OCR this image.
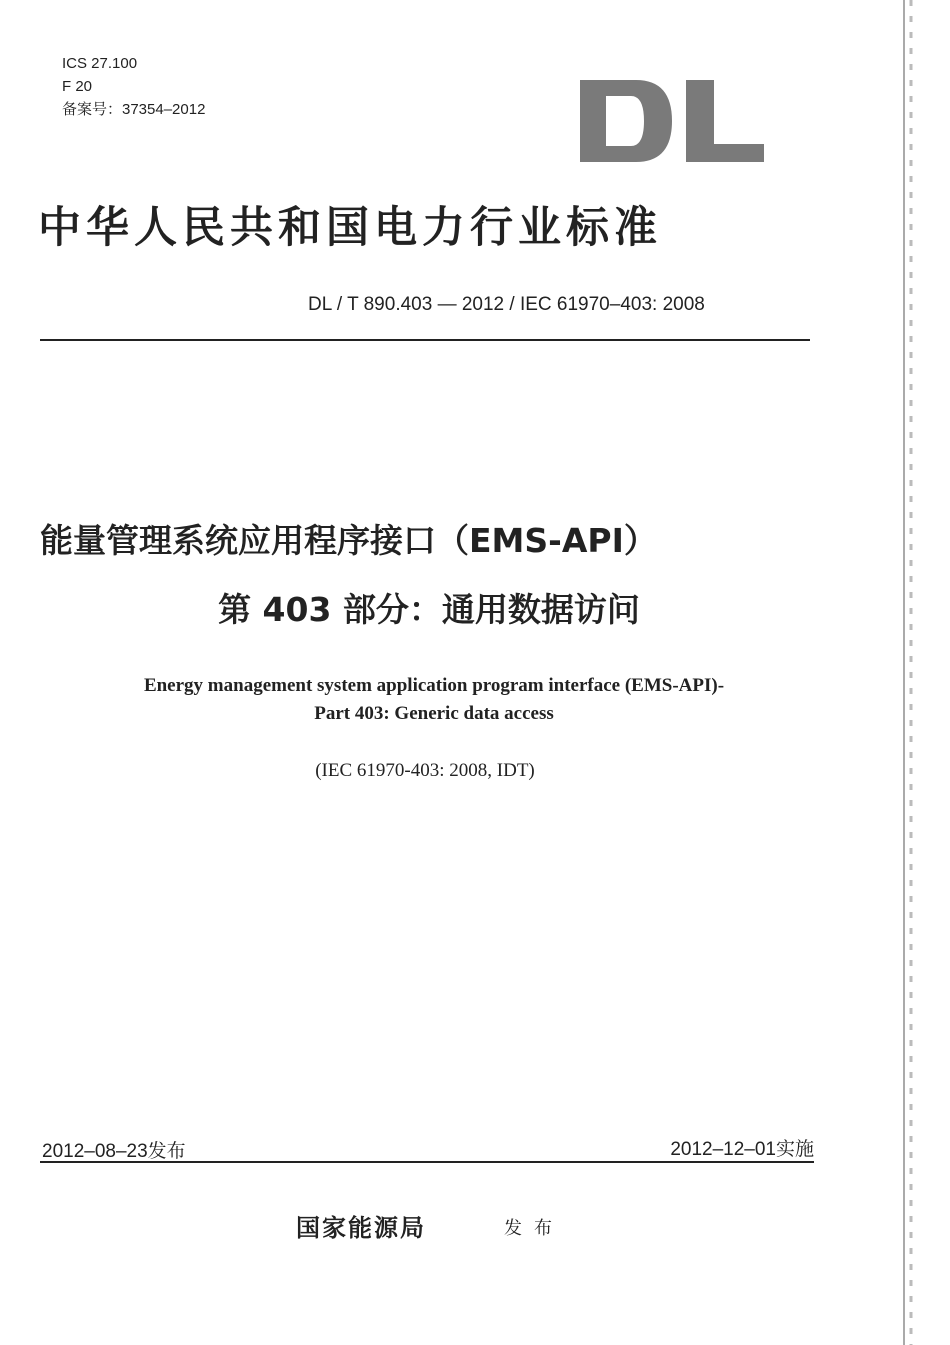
ICS 27.100
F 20
备案号：37354–2012
中华人民共和国电力行业标准
DL / T 890.403 — 2012 / IEC 61970–403: 2008
能量管理系统应用程序接口（EMS-API）
第 403 部分：通用数据访问
Energy management system application program interface (EMS-API)-
Part 403: Generic data access
(IEC 61970-403: 2008, IDT)
2012–08–23发布	2012–12–01实施
国家能源局	发布
